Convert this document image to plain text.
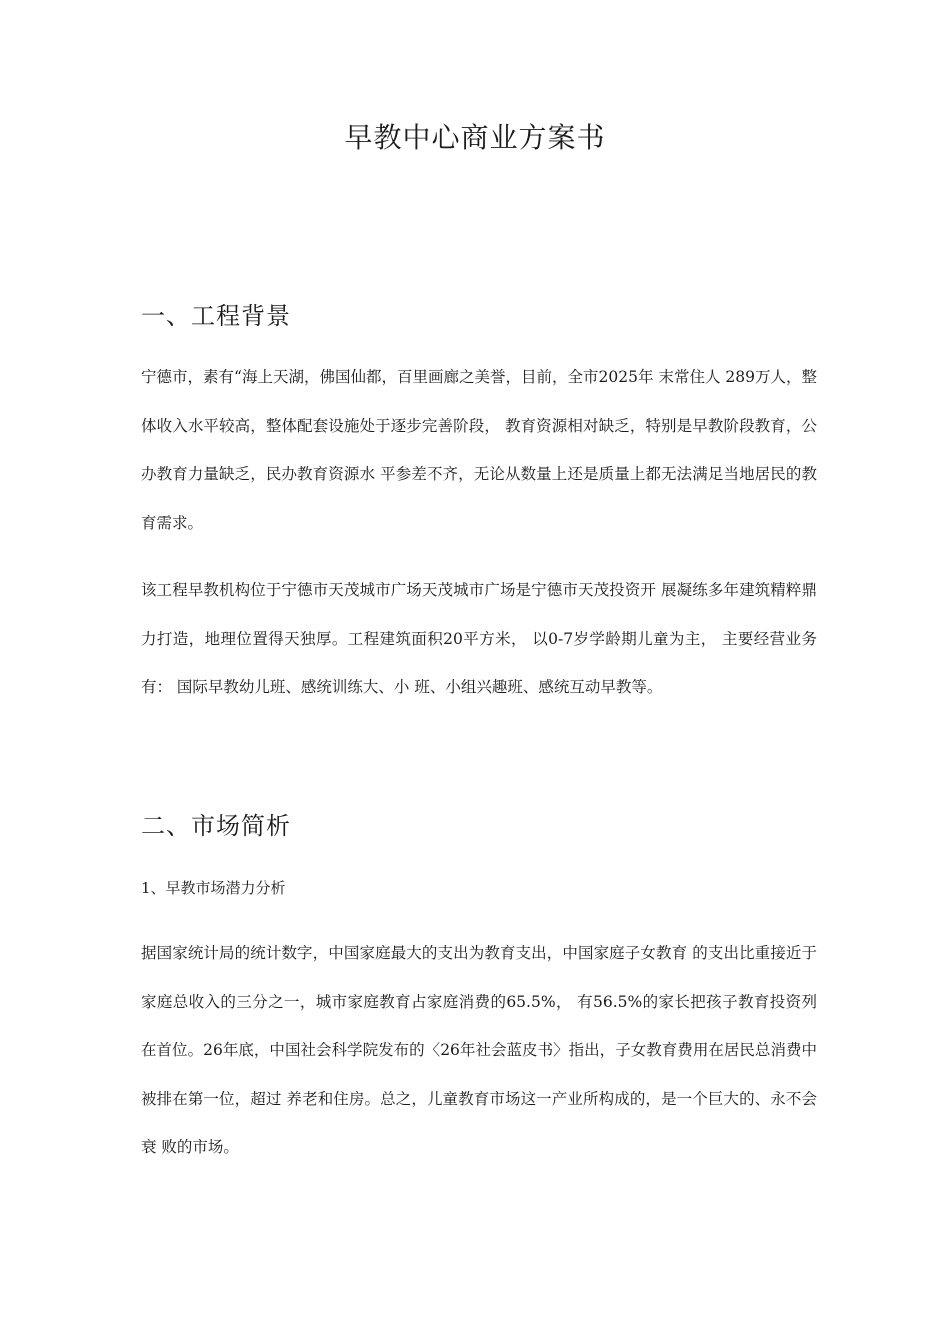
早教中心商业方案书
一、工程背景

宁德市，素有“海上天湖，佛国仙都，百里画廊之美誉，目前，全市2025年 末常住人 289万人，整体收入水平较高，整体配套设施处于逐步完善阶段， 教育资源相对缺乏，特别是早教阶段教育，公办教育力量缺乏，民办教育资源水 平参差不齐，无论从数量上还是质量上都无法满足当地居民的教育需求。

该工程早教机构位于宁德市天茂城市广场天茂城市广场是宁德市天茂投资开 展凝练多年建筑精粹鼎力打造，地理位置得天独厚。工程建筑面积20平方米， 以0-7岁学龄期儿童为主， 主要经营业务有： 国际早教幼儿班、感统训练大、小 班、小组兴趣班、感统互动早教等。

二、市场简析
1、早教市场潜力分析

据国家统计局的统计数字，中国家庭最大的支出为教育支出，中国家庭子女教育 的支出比重接近于家庭总收入的三分之一，城市家庭教育占家庭消费的65.5%， 有56.5%的家长把孩子教育投资列在首位。26年底，中国社会科学院发布的〈26年社会蓝皮书〉指出，子女教育费用在居民总消费中被排在第一位，超过 养老和住房。总之，儿童教育市场这一产业所构成的，是一个巨大的、永不会衰 败的市场。
